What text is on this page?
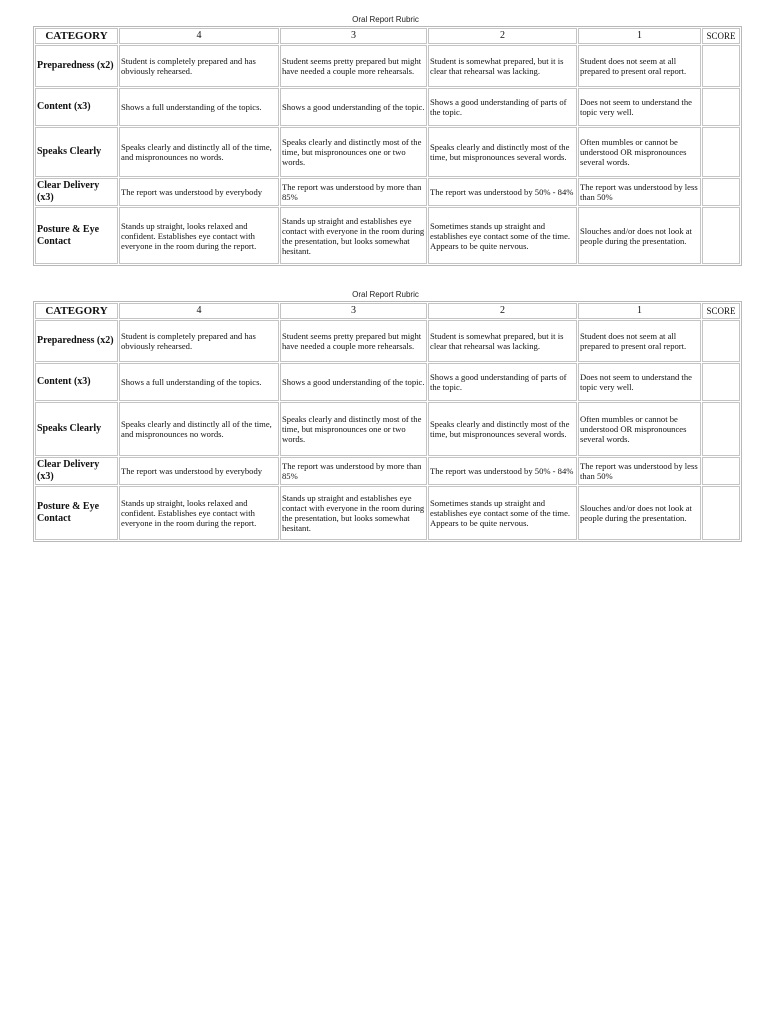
Oral Report Rubric
CATEGORY	4	3	2	1	SCORE
Preparedness (x2)	Student is completely prepared and has obviously rehearsed.	Student seems pretty prepared but might have needed a couple more rehearsals.	Student is somewhat prepared, but it is clear that rehearsal was lacking.	Student does not seem at all prepared to present oral report.	
Content (x3)	Shows a full understanding of the topics.	Shows a good understanding of the topic.	Shows a good understanding of parts of the topic.	Does not seem to understand the topic very well.	
Speaks Clearly	Speaks clearly and distinctly all of the time, and mispronounces no words.	Speaks clearly and distinctly most of the time, but mispronounces one or two words.	Speaks clearly and distinctly most of the time, but mispronounces several words.	Often mumbles or cannot be understood OR mispronounces several words.	
Clear Delivery (x3)	The report was understood by everybody	The report was understood by more than 85%	The report was understood by 50% - 84%	The report was understood by less than 50%	
Posture & Eye Contact	Stands up straight, looks relaxed and confident. Establishes eye contact with everyone in the room during the report.	Stands up straight and establishes eye contact with everyone in the room during the presentation, but looks somewhat hesitant.	Sometimes stands up straight and establishes eye contact some of the time. Appears to be quite nervous.	Slouches and/or does not look at people during the presentation.	
Oral Report Rubric
CATEGORY	4	3	2	1	SCORE
Preparedness (x2)	Student is completely prepared and has obviously rehearsed.	Student seems pretty prepared but might have needed a couple more rehearsals.	Student is somewhat prepared, but it is clear that rehearsal was lacking.	Student does not seem at all prepared to present oral report.	
Content (x3)	Shows a full understanding of the topics.	Shows a good understanding of the topic.	Shows a good understanding of parts of the topic.	Does not seem to understand the topic very well.	
Speaks Clearly	Speaks clearly and distinctly all of the time, and mispronounces no words.	Speaks clearly and distinctly most of the time, but mispronounces one or two words.	Speaks clearly and distinctly most of the time, but mispronounces several words.	Often mumbles or cannot be understood OR mispronounces several words.	
Clear Delivery (x3)	The report was understood by everybody	The report was understood by more than 85%	The report was understood by 50% - 84%	The report was understood by less than 50%	
Posture & Eye Contact	Stands up straight, looks relaxed and confident. Establishes eye contact with everyone in the room during the report.	Stands up straight and establishes eye contact with everyone in the room during the presentation, but looks somewhat hesitant.	Sometimes stands up straight and establishes eye contact some of the time. Appears to be quite nervous.	Slouches and/or does not look at people during the presentation.	
